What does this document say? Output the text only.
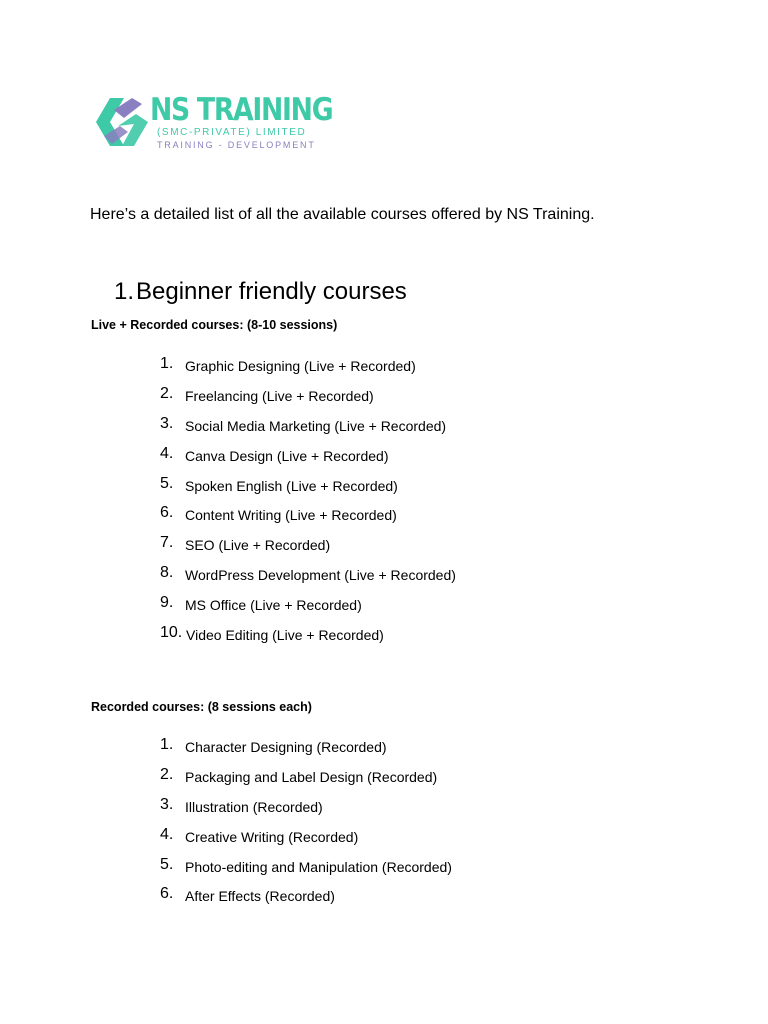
NS TRAINING
(SMC-PRIVATE) LIMITED
TRAINING - DEVELOPMENT
Here’s a detailed list of all the available courses offered by NS Training.
1.Beginner friendly courses
Live + Recorded courses: (8-10 sessions)
1. Graphic Designing (Live + Recorded)
2. Freelancing (Live + Recorded)
3. Social Media Marketing (Live + Recorded)
4. Canva Design (Live + Recorded)
5. Spoken English (Live + Recorded)
6. Content Writing (Live + Recorded)
7. SEO (Live + Recorded)
8. WordPress Development (Live + Recorded)
9. MS Office (Live + Recorded)
10. Video Editing (Live + Recorded)
Recorded courses: (8 sessions each)
1. Character Designing (Recorded)
2. Packaging and Label Design (Recorded)
3. Illustration (Recorded)
4. Creative Writing (Recorded)
5. Photo-editing and Manipulation (Recorded)
6. After Effects (Recorded)
